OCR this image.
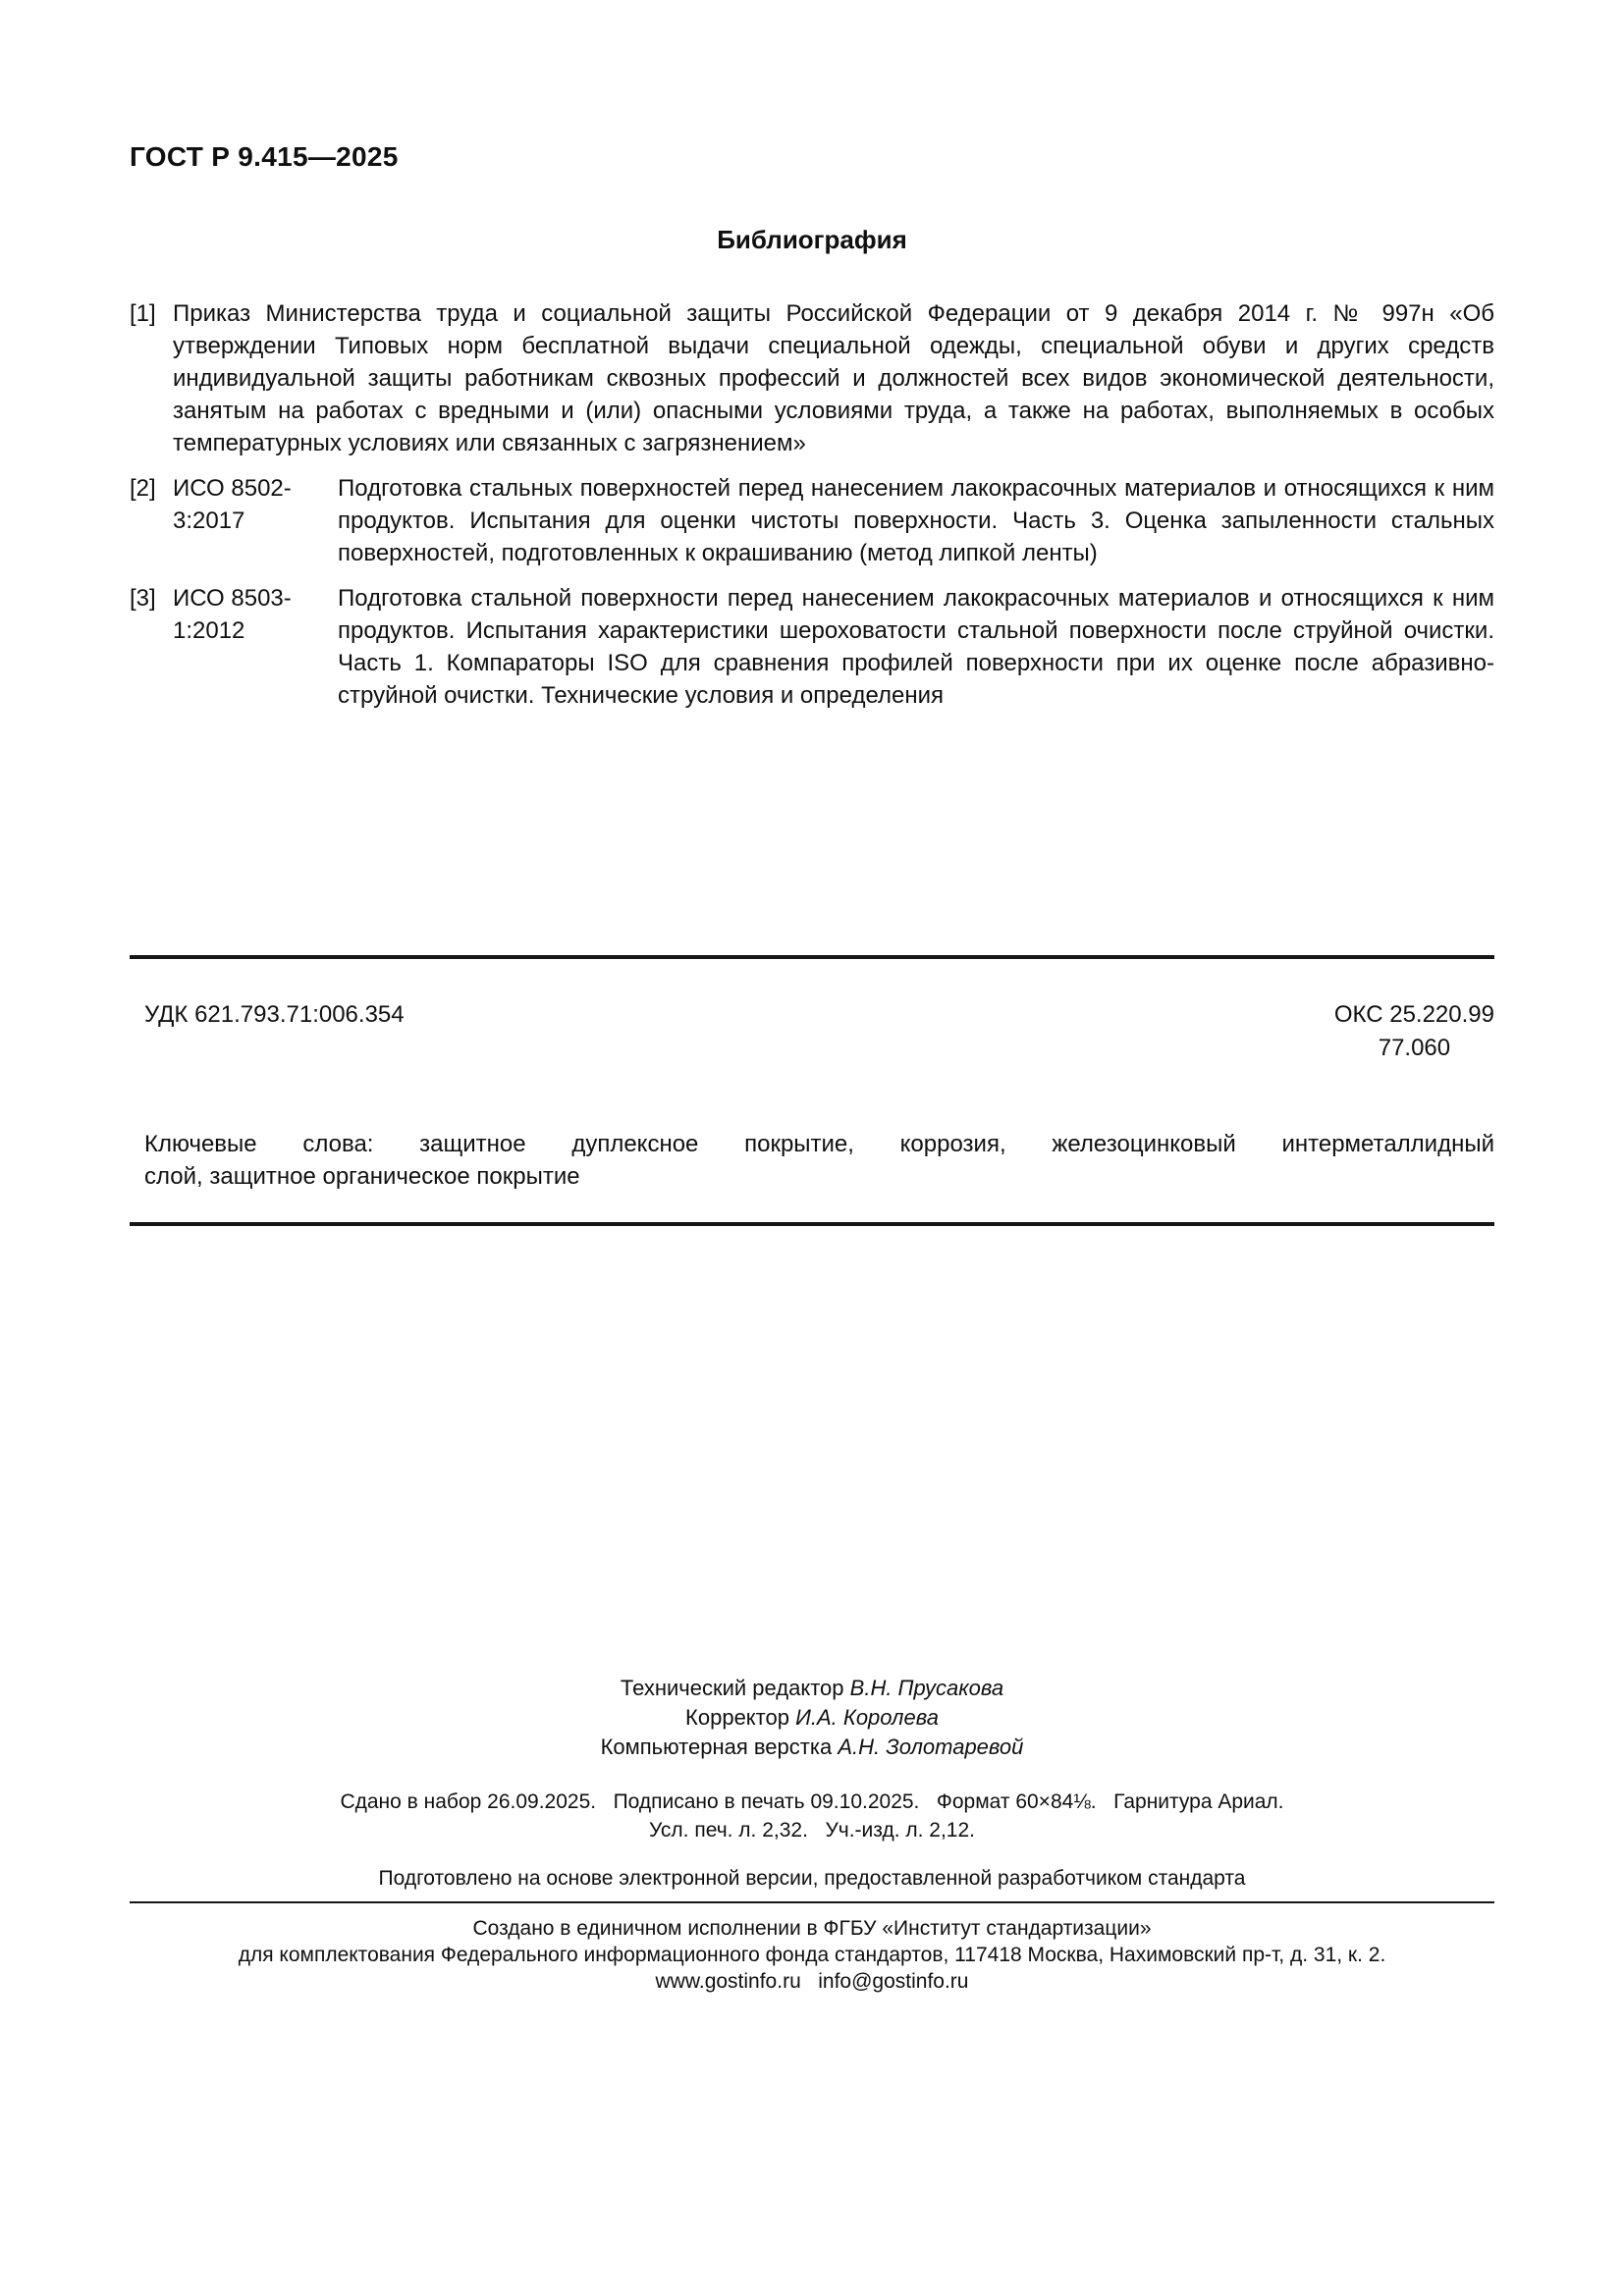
ГОСТ Р 9.415—2025
Библиография
[1] Приказ Министерства труда и социальной защиты Российской Федерации от 9 декабря 2014 г. № 997н «Об утверждении Типовых норм бесплатной выдачи специальной одежды, специальной обуви и других средств индивидуальной защиты работникам сквозных профессий и должностей всех видов экономической деятельности, занятым на работах с вредными и (или) опасными условиями труда, а также на работах, выполняемых в особых температурных условиях или связанных с загрязнением»
[2] ИСО 8502-3:2017
Подготовка стальных поверхностей перед нанесением лакокрасочных материалов и относящихся к ним продуктов. Испытания для оценки чистоты поверхности. Часть 3. Оценка запыленности стальных поверхностей, подготовленных к окрашиванию (метод липкой ленты)
[3] ИСО 8503-1:2012
Подготовка стальной поверхности перед нанесением лакокрасочных материалов и относящихся к ним продуктов. Испытания характеристики шероховатости стальной поверхности после струйной очистки. Часть 1. Компараторы ISO для сравнения профилей поверхности при их оценке после абразивно-струйной очистки. Технические условия и определения
УДК 621.793.71:006.354	ОКС 25.220.99
77.060
Ключевые слова: защитное дуплексное покрытие, коррозия, железоцинковый интерметаллидный
слой, защитное органическое покрытие
Технический редактор В.Н. Прусакова
Корректор И.А. Королева
Компьютерная верстка А.Н. Золотаревой
Сдано в набор 26.09.2025.   Подписано в печать 09.10.2025.   Формат 60×84⅛.   Гарнитура Ариал.
Усл. печ. л. 2,32.   Уч.-изд. л. 2,12.
Подготовлено на основе электронной версии, предоставленной разработчиком стандарта
Создано в единичном исполнении в ФГБУ «Институт стандартизации»
для комплектования Федерального информационного фонда стандартов, 117418 Москва, Нахимовский пр-т, д. 31, к. 2.
www.gostinfo.ru   info@gostinfo.ru
